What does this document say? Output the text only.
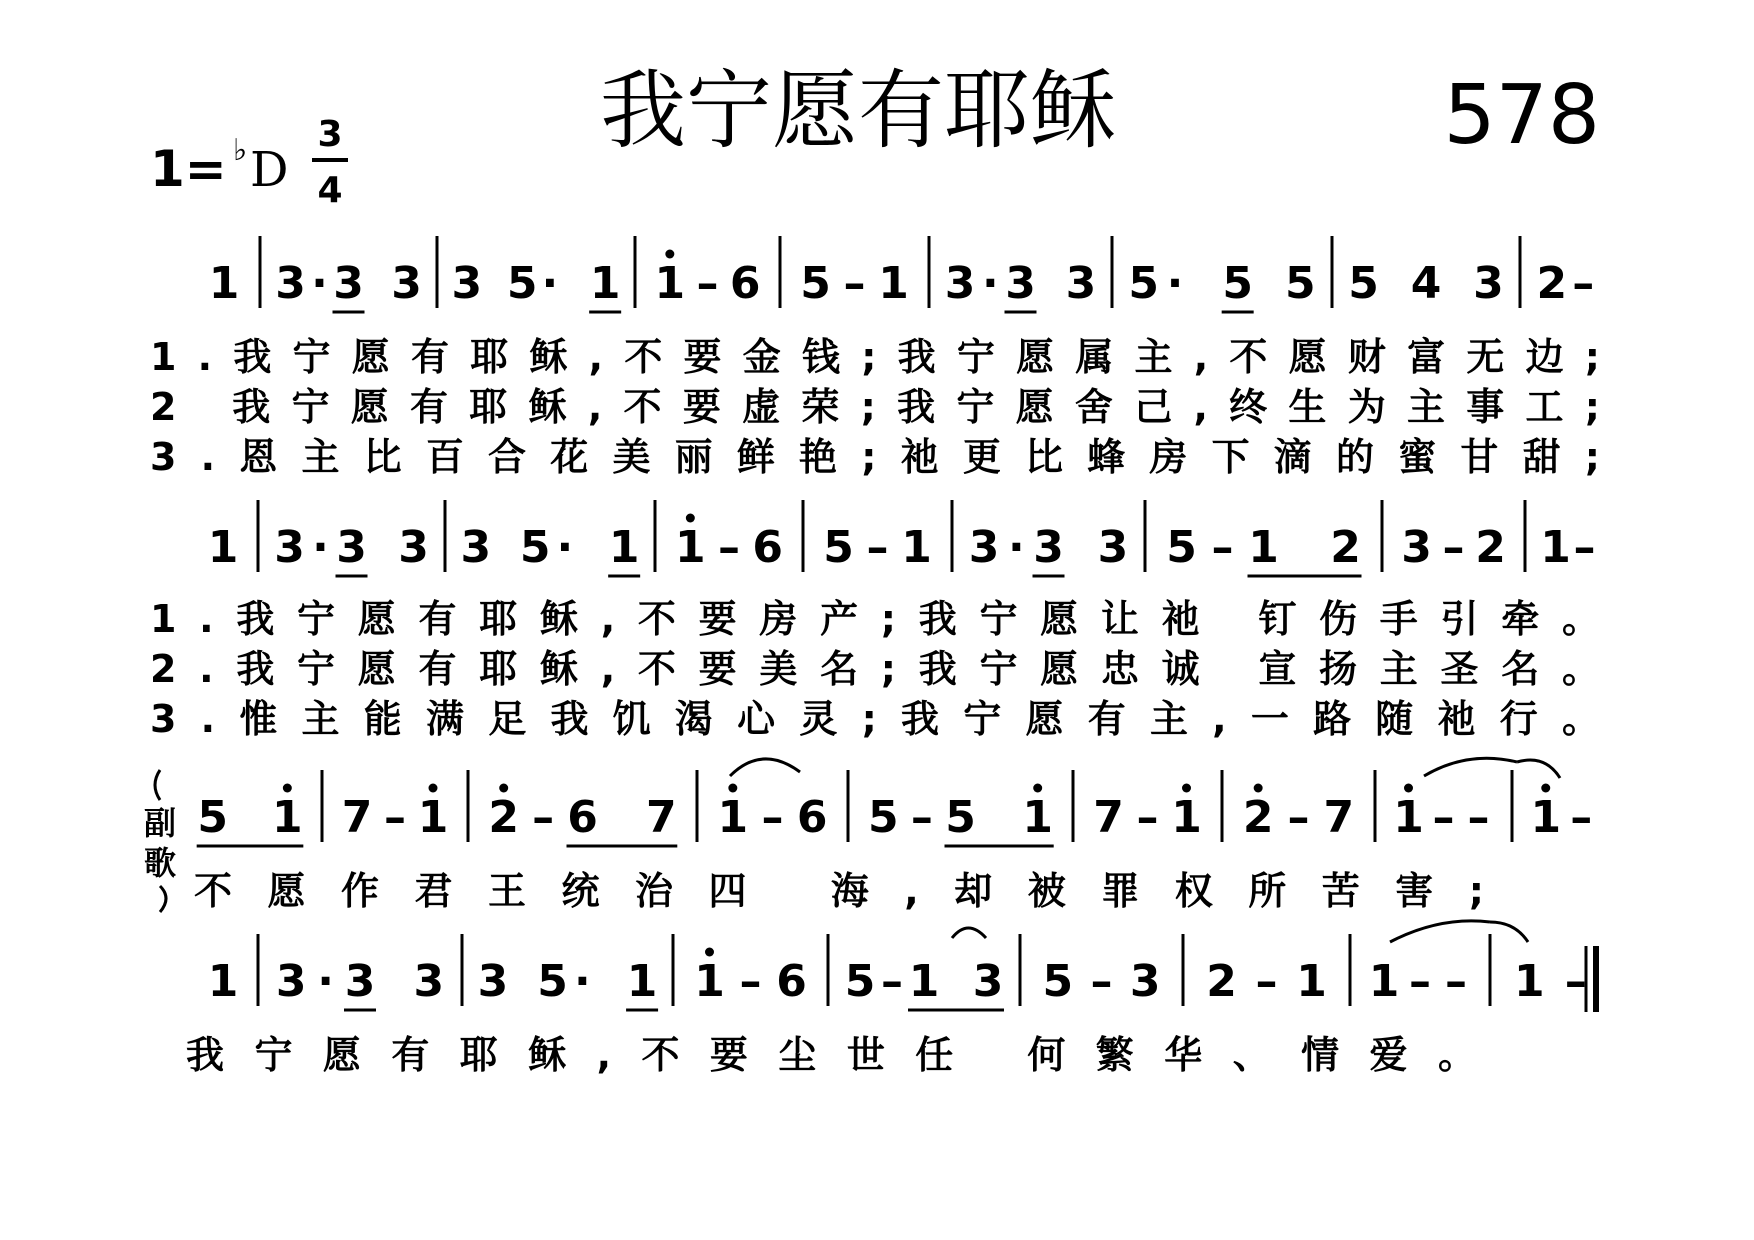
我宁愿有耶稣	578
1= ♭ D
3
4
1 3 · 3 3 3 5 · 1 1 – 6 5 – 1 3 · 3 3 5 · 5 5 5 4 3 2 –
1.我宁愿有耶稣,不要金钱;我宁愿属主,不愿财富无边;
2 我宁愿有耶稣,不要虚荣;我宁愿舍己,终生为主事工;
3.恩主比百合花美丽鲜艳;祂更比蜂房下滴的蜜甘甜;
1 3 · 3 3 3 5 · 1 1 – 6 5 – 1 3 · 3 3 5 – 1 2 3 – 2 1 –
1.我宁愿有耶稣,不要房产;我宁愿让祂 钉伤手引牵。
2.我宁愿有耶稣,不要美名;我宁愿忠诚 宣扬主圣名。
3.惟主能满足我饥渴心灵;我宁愿有主,一路随祂行。
副
歌
5 1 7 – 1 2 – 6 7 1 – 6 5 – 5 1 7 – 1 2 – 7 1 – – 1 –
不愿作君王统治四 海,却被罪权所苦害;
1 3 · 3 3 3 5 · 1 1 – 6 5 – 1 3 5 – 3 2 – 1 1 – – 1 –
我宁愿有耶稣,不要尘世任 何繁华、情爱。
